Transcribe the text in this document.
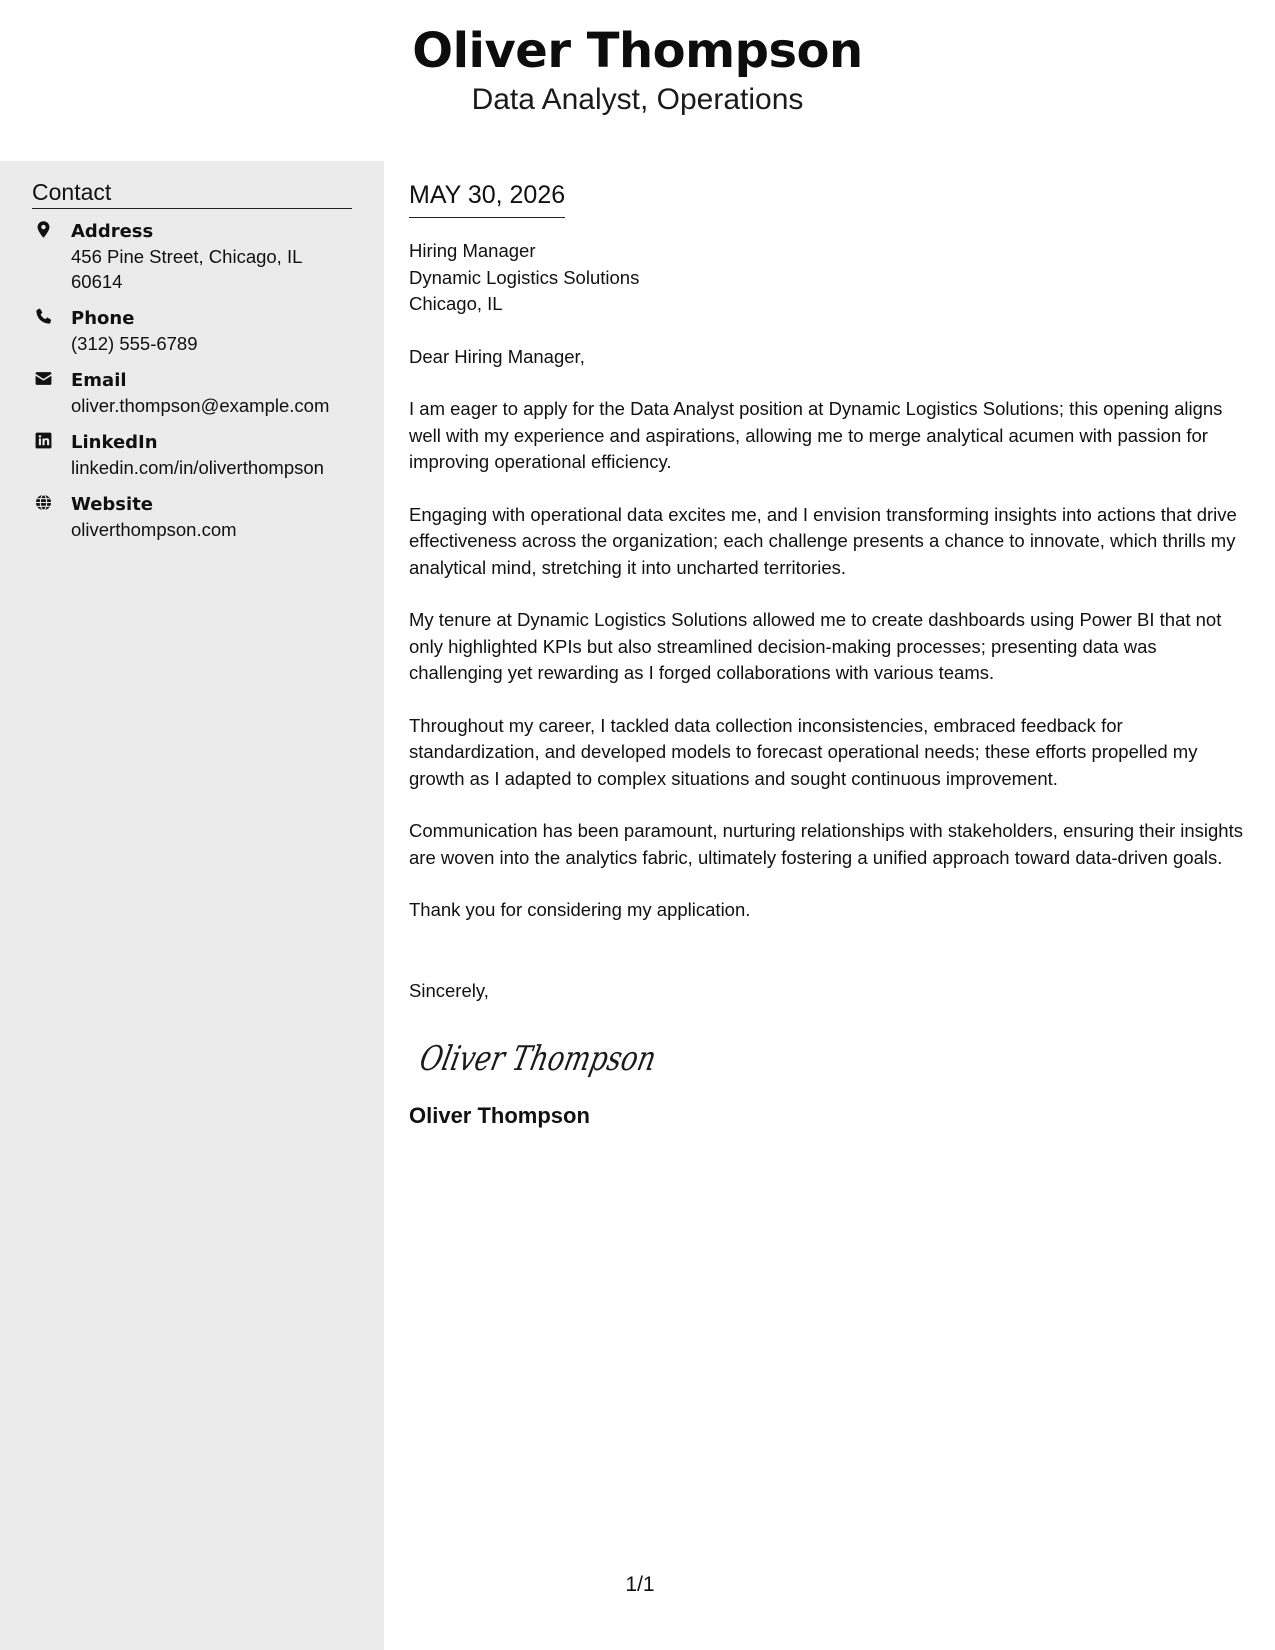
Oliver Thompson
Data Analyst, Operations
Contact
Address
456 Pine Street, Chicago, IL 60614
Phone
(312) 555-6789
Email
oliver.thompson@example.com
LinkedIn
linkedin.com/in/oliverthompson
Website
oliverthompson.com
MAY 30, 2026
Hiring Manager
Dynamic Logistics Solutions
Chicago, IL
Dear Hiring Manager,
I am eager to apply for the Data Analyst position at Dynamic Logistics Solutions; this opening aligns well with my experience and aspirations, allowing me to merge analytical acumen with passion for improving operational efficiency.
Engaging with operational data excites me, and I envision transforming insights into actions that drive effectiveness across the organization; each challenge presents a chance to innovate, which thrills my analytical mind, stretching it into uncharted territories.
My tenure at Dynamic Logistics Solutions allowed me to create dashboards using Power BI that not only highlighted KPIs but also streamlined decision-making processes; presenting data was challenging yet rewarding as I forged collaborations with various teams.
Throughout my career, I tackled data collection inconsistencies, embraced feedback for standardization, and developed models to forecast operational needs; these efforts propelled my growth as I adapted to complex situations and sought continuous improvement.
Communication has been paramount, nurturing relationships with stakeholders, ensuring their insights are woven into the analytics fabric, ultimately fostering a unified approach toward data-driven goals.
Thank you for considering my application.
Sincerely,
Oliver Thompson
Oliver Thompson
1/1
